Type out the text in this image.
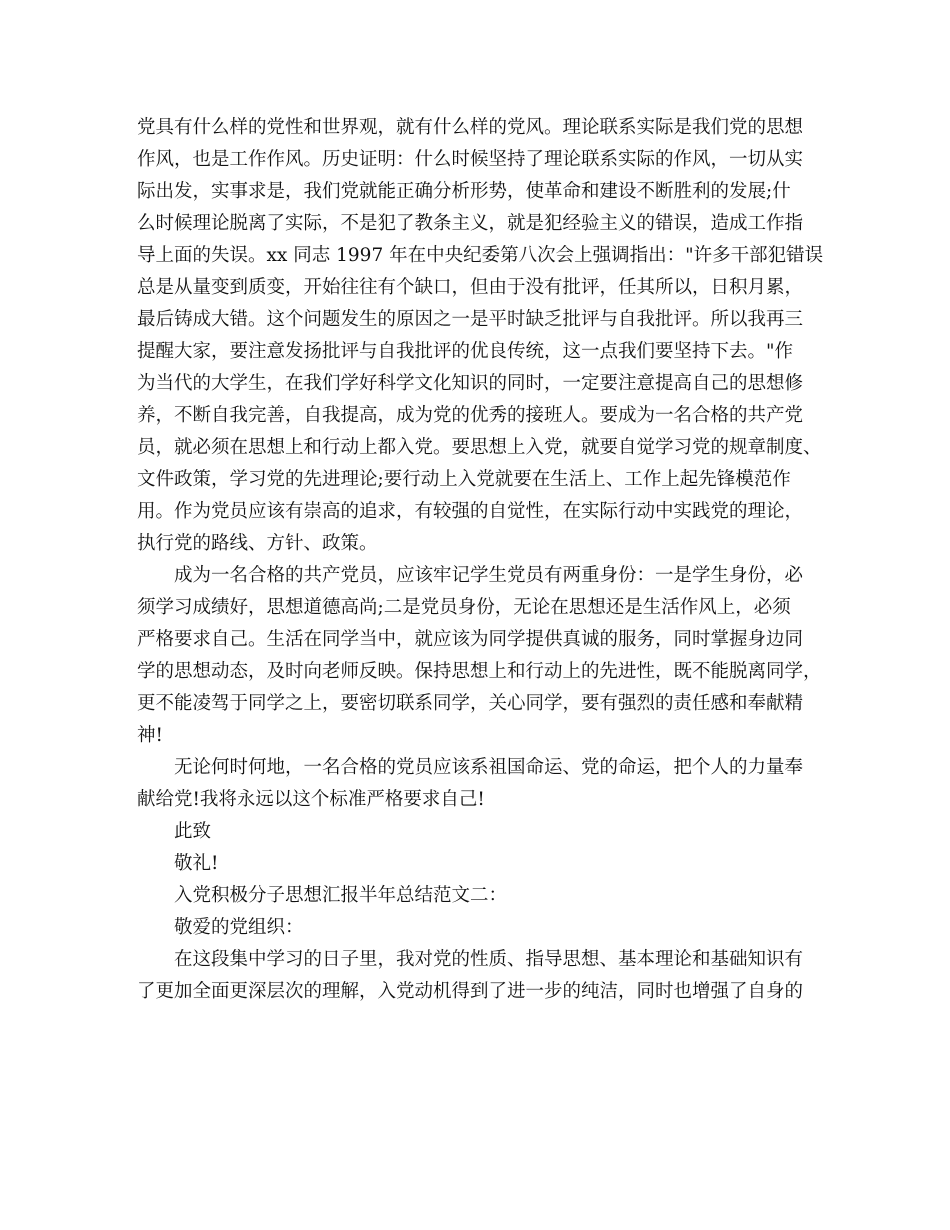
党具有什么样的党性和世界观，就有什么样的党风。理论联系实际是我们党的思想
作风，也是工作作风。历史证明：什么时候坚持了理论联系实际的作风，一切从实
际出发，实事求是，我们党就能正确分析形势，使革命和建设不断胜利的发展;什
么时候理论脱离了实际，不是犯了教条主义，就是犯经验主义的错误，造成工作指
导上面的失误。xx 同志 1997 年在中央纪委第八次会上强调指出："许多干部犯错误
总是从量变到质变，开始往往有个缺口，但由于没有批评，任其所以，日积月累，
最后铸成大错。这个问题发生的原因之一是平时缺乏批评与自我批评。所以我再三
提醒大家，要注意发扬批评与自我批评的优良传统，这一点我们要坚持下去。"作
为当代的大学生，在我们学好科学文化知识的同时，一定要注意提高自己的思想修
养，不断自我完善，自我提高，成为党的优秀的接班人。要成为一名合格的共产党
员，就必须在思想上和行动上都入党。要思想上入党，就要自觉学习党的规章制度、
文件政策，学习党的先进理论;要行动上入党就要在生活上、工作上起先锋模范作
用。作为党员应该有崇高的追求，有较强的自觉性，在实际行动中实践党的理论，
执行党的路线、方针、政策。
成为一名合格的共产党员，应该牢记学生党员有两重身份：一是学生身份，必
须学习成绩好，思想道德高尚;二是党员身份，无论在思想还是生活作风上，必须
严格要求自己。生活在同学当中，就应该为同学提供真诚的服务，同时掌握身边同
学的思想动态，及时向老师反映。保持思想上和行动上的先进性，既不能脱离同学，
更不能凌驾于同学之上，要密切联系同学，关心同学，要有强烈的责任感和奉献精
神!
无论何时何地，一名合格的党员应该系祖国命运、党的命运，把个人的力量奉
献给党!我将永远以这个标准严格要求自己!
此致
敬礼!
入党积极分子思想汇报半年总结范文二：
敬爱的党组织：
在这段集中学习的日子里，我对党的性质、指导思想、基本理论和基础知识有
了更加全面更深层次的理解，入党动机得到了进一步的纯洁，同时也增强了自身的
